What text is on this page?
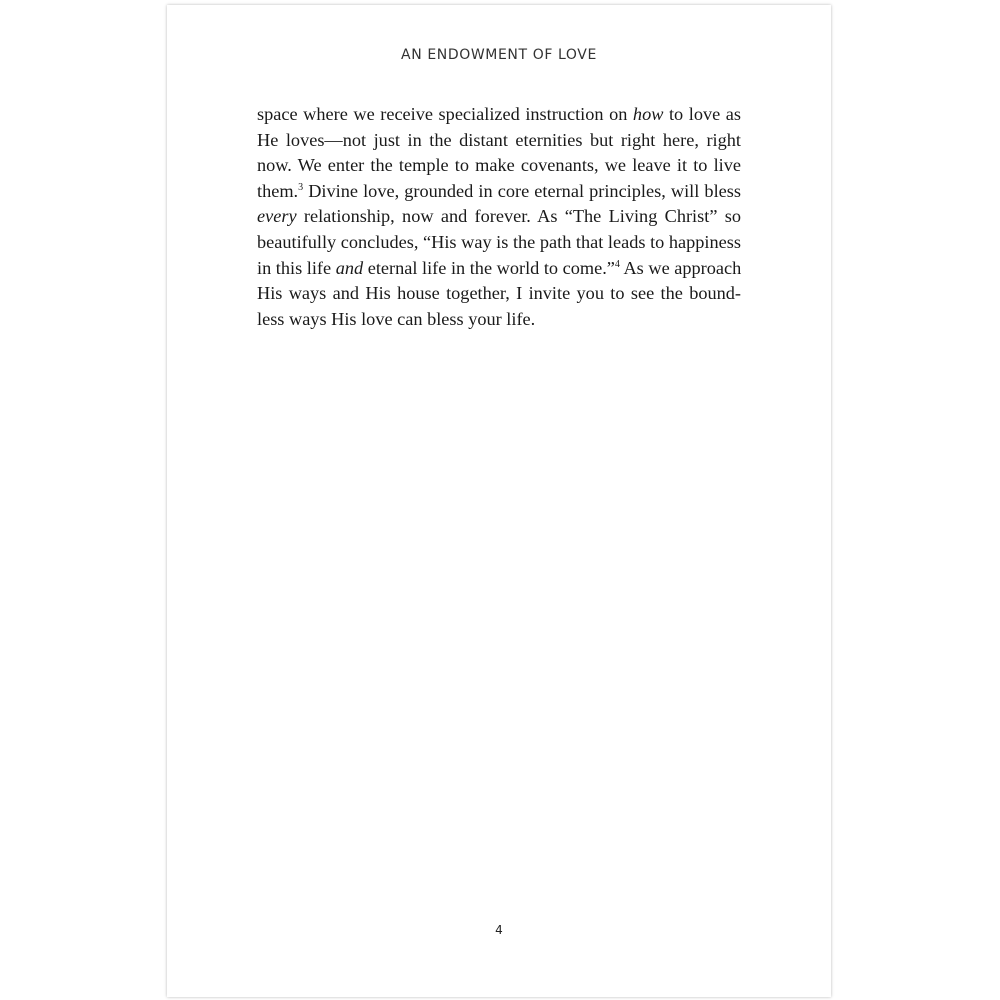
AN ENDOWMENT OF LOVE
space where we receive specialized instruction on how to love as
He loves—not just in the distant eternities but right here, right
now. We enter the temple to make covenants, we leave it to live
them.$^3$ Divine love, grounded in core eternal principles, will bless
every relationship, now and forever. As “The Living Christ” so
beautifully concludes, “His way is the path that leads to happiness
in this life and eternal life in the world to come.”$^4$ As we approach
His ways and His house together, I invite you to see the bound-
less ways His love can bless your life.
4
